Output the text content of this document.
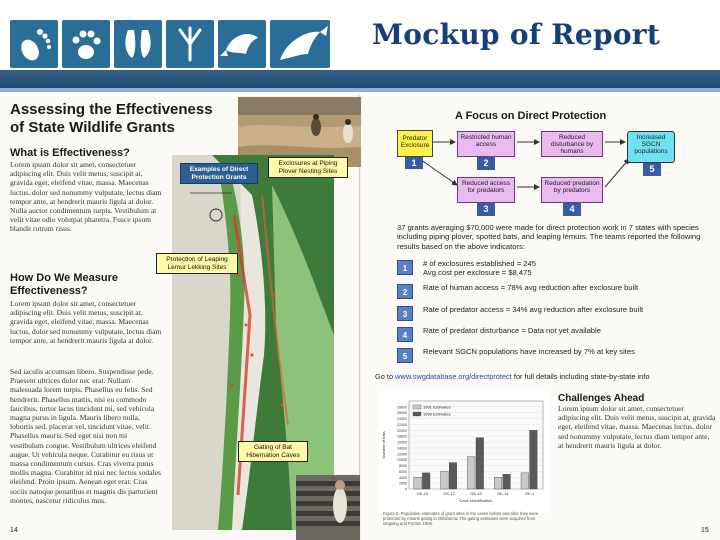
Mockup of Report
Assessing the Effectiveness of State Wildlife Grants
What is Effectiveness?
Lorem ipsum dolor sit amet, consectetuer adipiscing elit. Duis velit metus, suscipit at, gravida eget, eleifend vitae, massa. Maecenas luctus, dolor sed nonummy vulputate, lectus diam tempor ante, at hendrerit mauris ligula at dolor. Nulla auctor condimentum turpis. Vestibulum at velit vitae odio volutpat pharetra. Fusce ipsum blandit rutrum risus.
How Do We Measure Effectiveness?
Lorem ipsum dolor sit amet, consectetuer adipiscing elit. Duis velit metus, suscipit at, gravida eget, eleifend vitae, massa. Maecenas luctus, dolor sed nonummy vulputate, lectus diam tempor ante, at hendrerit mauris ligula at dolor.
Sed iaculis accumsan libero. Suspendisse pede. Praesent ultrices dolor nec erat. Nullam malesuada lorem turpis. Phasellus eu felis. Sed hendrerit. Phasellus mattis, nisi eu commodo faucibus, tortor lacus tincidunt mi, sed vehicula magna purus in ligula. Mauris libero nulla, lobortis sed, placerat vel, tincidunt vitae, velit. Phasellus mauris. Sed eget nisi non mi vestibulum congue. Vestibulum ultrices eleifend augue. Ut vehicula neque. Curabitur eu risus ut massa condimentum cursus. Cras viverra purus mollis magna. Curabitur id nisi nec lectus sodales eleifend. Proin ipsum. Aenean eget erat. Cras sociis natoque penatibus et magnis dis parturient montes, nascetur ridiculus mus.
Examples of Direct Protection Grants
Exclosures at Piping Plover Nesting Sites
Protection of Leaping Lemur Lekking Sites
Gating of Bat Hibernation Caves
14
A Focus on Direct Protection
Predator Exclosure
1
Restricted human access
2
Reduced disturbance by humans
Increased SGCN populations
5
Reduced access for predators
3
Reduced predation by predators
4
37 grants averaging $70,000 were made for direct protection work in 7 states with species including piping plover, spotted bats, and leaping lemurs. The teams reported the following results based on the above indicators:
1
# of exclosures established = 245
Avg cost per exclosure = $8,475
2
Rate of human access = 78% avg reduction after exclosure built
3
Rate of predator access = 34% avg reduction after exclosure built
4
Rate of predator disturbance = Data not yet available
5
Relevant SGCN populations have increased by 7% at key sites
Go to www.swgdatabase.org/directprotect for full details including state-by-state info
0
2000
4000
6000
8000
10000
12000
14000
16000
18000
20000
22000
24000
26000
28000
OK-10	OK-12	OK-13	OK-14	OK-1
Cave Identification
Number of bats
1991 Estimates
1999 Estimates
Figure 5. Population estimates of grant sites in the caves before and after they were protected by means gating in Oklahoma. The gating estimates were acquired from Ongoing and Portion 1995.
Challenges Ahead
Lorem ipsum dolor sit amet, consectetuer adipiscing elit. Duis velit metus, suscipit at, gravida eget, eleifend vitae, massa. Maecenas luctus, dolor sed nonummy vulputate, lectus diam tempor ante, at hendrerit mauris ligula at dolor.
15
